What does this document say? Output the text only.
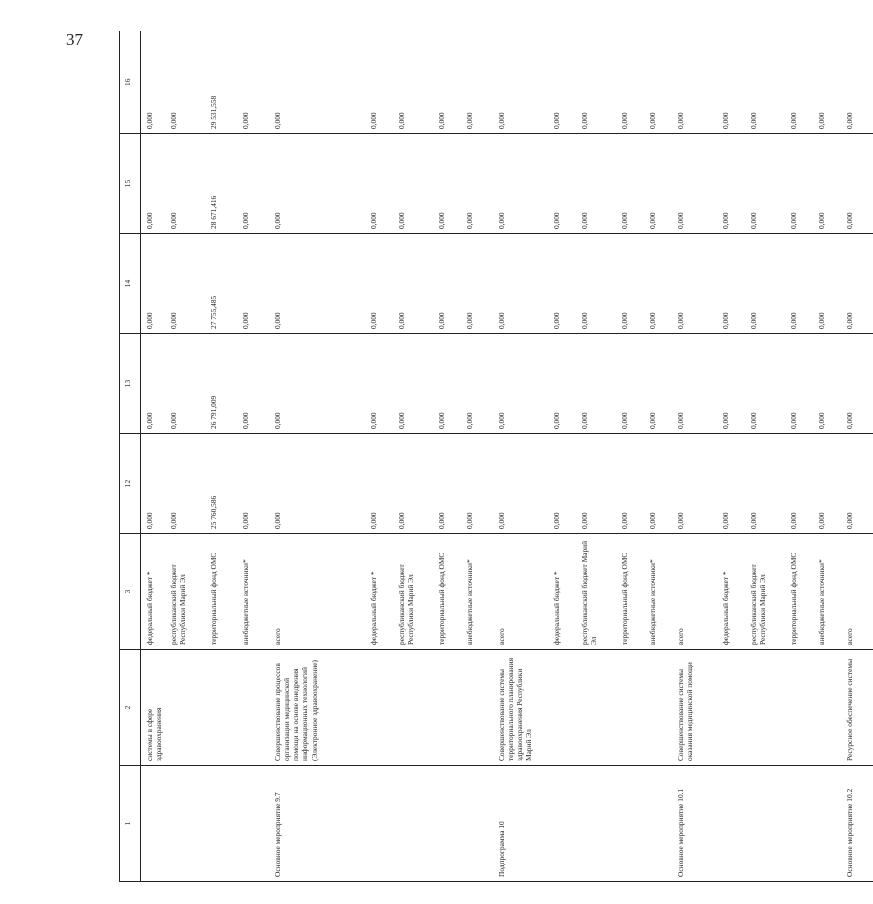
37
1	2	3	12	13	14	15	16
	системы в сфере здравоохранения	федеральный бюджет *	0,000	0,000	0,000	0,000	0,000
		республиканский бюджет Республики Марий Эл	0,000	0,000	0,000	0,000	0,000
		территориальный фонд ОМС	25 760,586	26 791,009	27 755,485	28 671,416	29 531,558
		внебюджетные источники*	0,000	0,000	0,000	0,000	0,000
Основное мероприятие 9.7	Совершенствование процессов организации медицинской помощи на основе внедрения информационных технологий (Электронное здравоохранение)	всего	0,000	0,000	0,000	0,000	0,000
		федеральный бюджет *	0,000	0,000	0,000	0,000	0,000
		республиканский бюджет Республики Марий Эл	0,000	0,000	0,000	0,000	0,000
		территориальный фонд ОМС	0,000	0,000	0,000	0,000	0,000
		внебюджетные источники*	0,000	0,000	0,000	0,000	0,000
Подпрограмма 10	Совершенствование системы территориального планирования здравоохранения Республики Марий Эл	всего	0,000	0,000	0,000	0,000	0,000
		федеральный бюджет *	0,000	0,000	0,000	0,000	0,000
		республиканский бюджет Марий Эл	0,000	0,000	0,000	0,000	0,000
		территориальный фонд ОМС	0,000	0,000	0,000	0,000	0,000
		внебюджетные источники*	0,000	0,000	0,000	0,000	0,000
Основное мероприятие 10.1	Совершенствование системы оказания медицинской помощи	всего	0,000	0,000	0,000	0,000	0,000
		федеральный бюджет *	0,000	0,000	0,000	0,000	0,000
		республиканский бюджет Республики Марий Эл	0,000	0,000	0,000	0,000	0,000
		территориальный фонд ОМС	0,000	0,000	0,000	0,000	0,000
		внебюджетные источники*	0,000	0,000	0,000	0,000	0,000
Основное мероприятие 10.2	Ресурсное обеспечение системы	всего	0,000	0,000	0,000	0,000	0,000
